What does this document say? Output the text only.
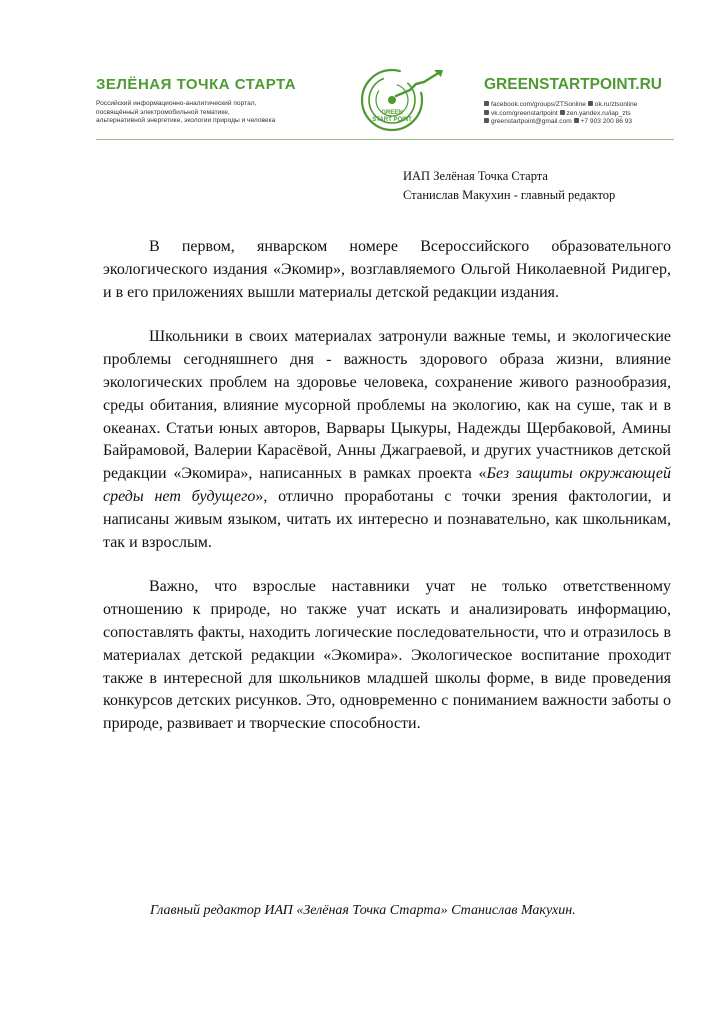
ЗЕЛЁНАЯ ТОЧКА СТАРТА
Российский информационно-аналитический портал,
посвящённый электромобильной тематике,
альтернативной энергетике, экологии природы и человека
GREEN
START POINT
GREENSTARTPOINT.RU
facebook.com/groups/ZTSonline ok.ru/ztsonline
vk.com/greenstartpoint zen.yandex.ru/iap_zts
greenstartpoint@gmail.com +7 903 200 86 93
ИАП Зелёная Точка Старта
Станислав Макухин - главный редактор

В первом, январском номере Всероссийского образовательного экологического издания «Экомир», возглавляемого Ольгой Николаевной Ридигер, и в его приложениях вышли материалы детской редакции издания.

Школьники в своих материалах затронули важные темы, и экологические проблемы сегодняшнего дня - важность здорового образа жизни, влияние экологических проблем на здоровье человека, сохранение живого разнообразия, среды обитания, влияние мусорной проблемы на экологию, как на суше, так и в океанах. Статьи юных авторов, Варвары Цыкуры, Надежды Щербаковой, Амины Байрамовой, Валерии Карасёвой, Анны Джаграевой, и других участников детской редакции «Экомира», написанных в рамках проекта «Без защиты окружающей среды нет будущего», отлично проработаны с точки зрения фактологии, и написаны живым языком, читать их интересно и познавательно, как школьникам, так и взрослым.

Важно, что взрослые наставники учат не только ответственному отношению к природе, но также учат искать и анализировать информацию, сопоставлять факты, находить логические последовательности, что и отразилось в материалах детской редакции «Экомира». Экологическое воспитание проходит также в интересной для школьников младшей школы форме, в виде проведения конкурсов детских рисунков. Это, одновременно с пониманием важности заботы о природе, развивает и творческие способности.

Главный редактор ИАП «Зелёная Точка Старта» Станислав Макухин.
